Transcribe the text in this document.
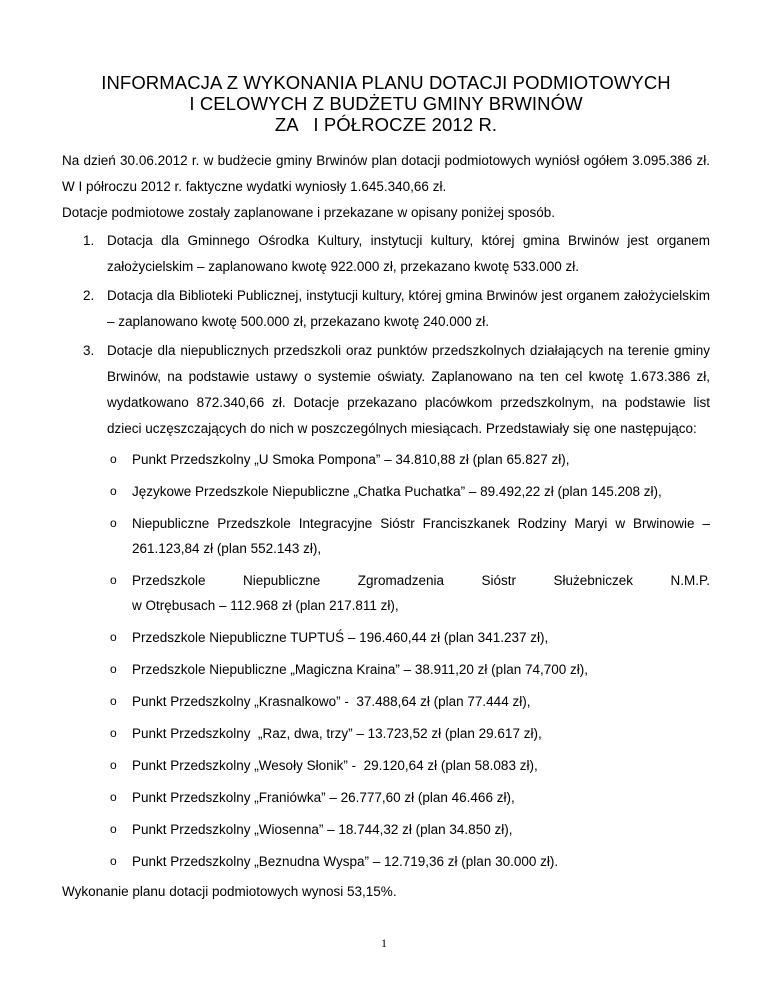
INFORMACJA Z WYKONANIA PLANU DOTACJI PODMIOTOWYCH
I CELOWYCH Z BUDŻETU GMINY BRWINÓW
ZA   I PÓŁROCZE 2012 R.

Na dzień 30.06.2012 r. w budżecie gminy Brwinów plan dotacji podmiotowych wyniósł ogółem 3.095.386 zł. W I półroczu 2012 r. faktyczne wydatki wyniosły 1.645.340,66 zł.

Dotacje podmiotowe zostały zaplanowane i przekazane w opisany poniżej sposób.

1. Dotacja dla Gminnego Ośrodka Kultury, instytucji kultury, której gmina Brwinów jest organem założycielskim – zaplanowano kwotę 922.000 zł, przekazano kwotę 533.000 zł.
2. Dotacja dla Biblioteki Publicznej, instytucji kultury, której gmina Brwinów jest organem założycielskim – zaplanowano kwotę 500.000 zł, przekazano kwotę 240.000 zł.
3. Dotacje dla niepublicznych przedszkoli oraz punktów przedszkolnych działających na terenie gminy Brwinów, na podstawie ustawy o systemie oświaty. Zaplanowano na ten cel kwotę 1.673.386 zł, wydatkowano 872.340,66 zł. Dotacje przekazano placówkom przedszkolnym, na podstawie list dzieci uczęszczających do nich w poszczególnych miesiącach. Przedstawiały się one następująco:
o Punkt Przedszkolny „U Smoka Pompona” – 34.810,88 zł (plan 65.827 zł),
o Językowe Przedszkole Niepubliczne „Chatka Puchatka” – 89.492,22 zł (plan 145.208 zł),
o Niepubliczne Przedszkole Integracyjne Sióstr Franciszkanek Rodziny Maryi w Brwinowie – 261.123,84 zł (plan 552.143 zł),
o Przedszkole	Niepubliczne	Zgromadzenia	Sióstr	Służebniczek	N.M.P.
w Otrębusach – 112.968 zł (plan 217.811 zł),
o Przedszkole Niepubliczne TUPTUŚ – 196.460,44 zł (plan 341.237 zł),
o Przedszkole Niepubliczne „Magiczna Kraina” – 38.911,20 zł (plan 74,700 zł),
o Punkt Przedszkolny „Krasnalkowo” -  37.488,64 zł (plan 77.444 zł),
o Punkt Przedszkolny  „Raz, dwa, trzy” – 13.723,52 zł (plan 29.617 zł),
o Punkt Przedszkolny „Wesoły Słonik” -  29.120,64 zł (plan 58.083 zł),
o Punkt Przedszkolny „Franiówka” – 26.777,60 zł (plan 46.466 zł),
o Punkt Przedszkolny „Wiosenna” – 18.744,32 zł (plan 34.850 zł),
o Punkt Przedszkolny „Beznudna Wyspa” – 12.719,36 zł (plan 30.000 zł).

Wykonanie planu dotacji podmiotowych wynosi 53,15%.

1
